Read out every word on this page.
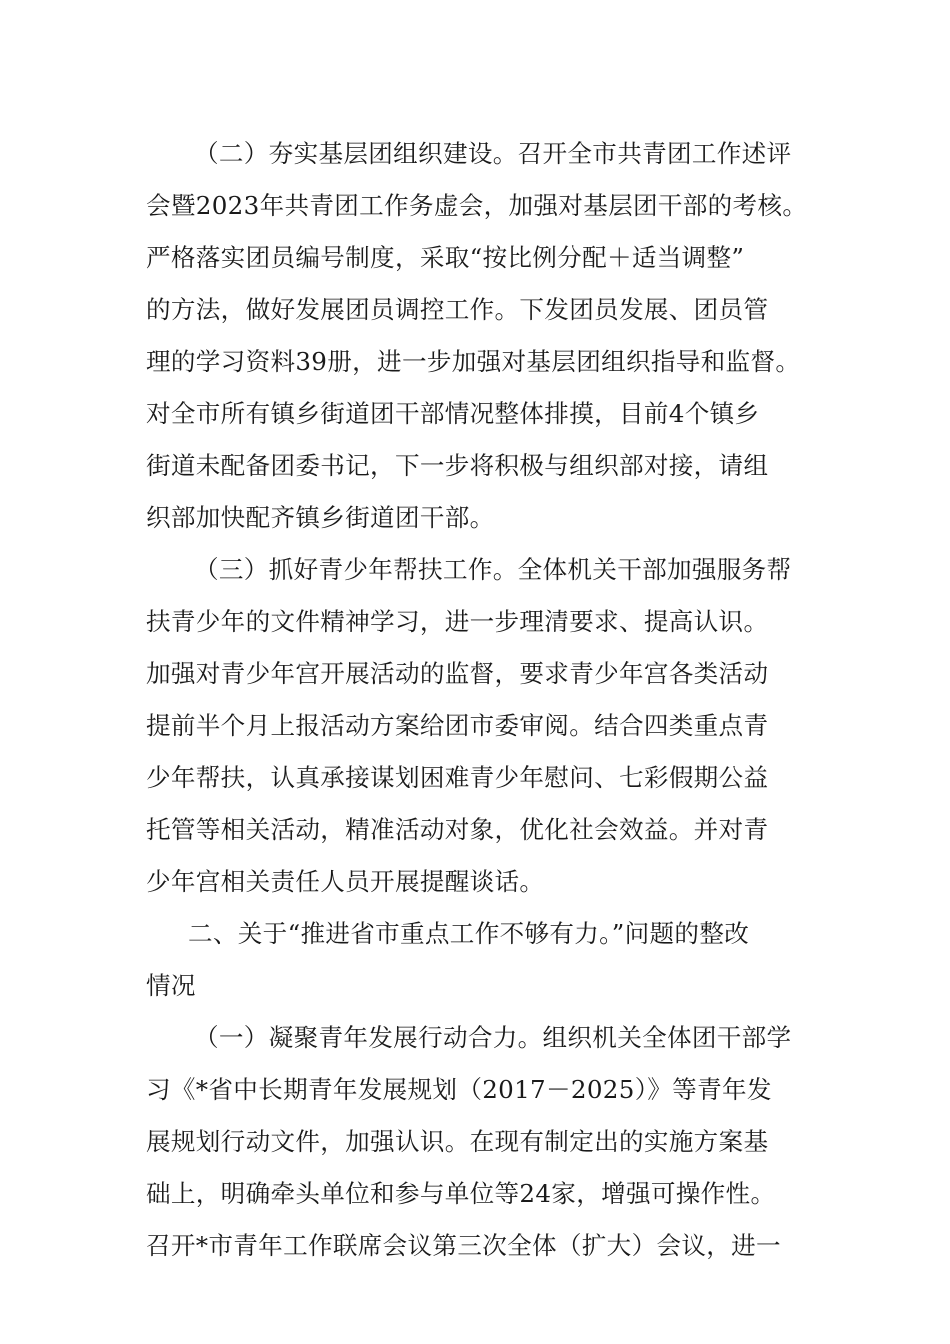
（二）夯实基层团组织建设。召开全市共青团工作述评
会暨2023年共青团工作务虚会，加强对基层团干部的考核。
严格落实团员编号制度，采取“按比例分配＋适当调整”
的方法，做好发展团员调控工作。下发团员发展、团员管
理的学习资料39册，进一步加强对基层团组织指导和监督。
对全市所有镇乡街道团干部情况整体排摸，目前4个镇乡
街道未配备团委书记，下一步将积极与组织部对接，请组
织部加快配齐镇乡街道团干部。
（三）抓好青少年帮扶工作。全体机关干部加强服务帮
扶青少年的文件精神学习，进一步理清要求、提高认识。
加强对青少年宫开展活动的监督，要求青少年宫各类活动
提前半个月上报活动方案给团市委审阅。结合四类重点青
少年帮扶，认真承接谋划困难青少年慰问、七彩假期公益
托管等相关活动，精准活动对象，优化社会效益。并对青
少年宫相关责任人员开展提醒谈话。
二、关于“推进省市重点工作不够有力。”问题的整改
情况
（一）凝聚青年发展行动合力。组织机关全体团干部学
习《*省中长期青年发展规划（2017－2025）》等青年发
展规划行动文件，加强认识。在现有制定出的实施方案基
础上，明确牵头单位和参与单位等24家，增强可操作性。
召开*市青年工作联席会议第三次全体（扩大）会议，进一
